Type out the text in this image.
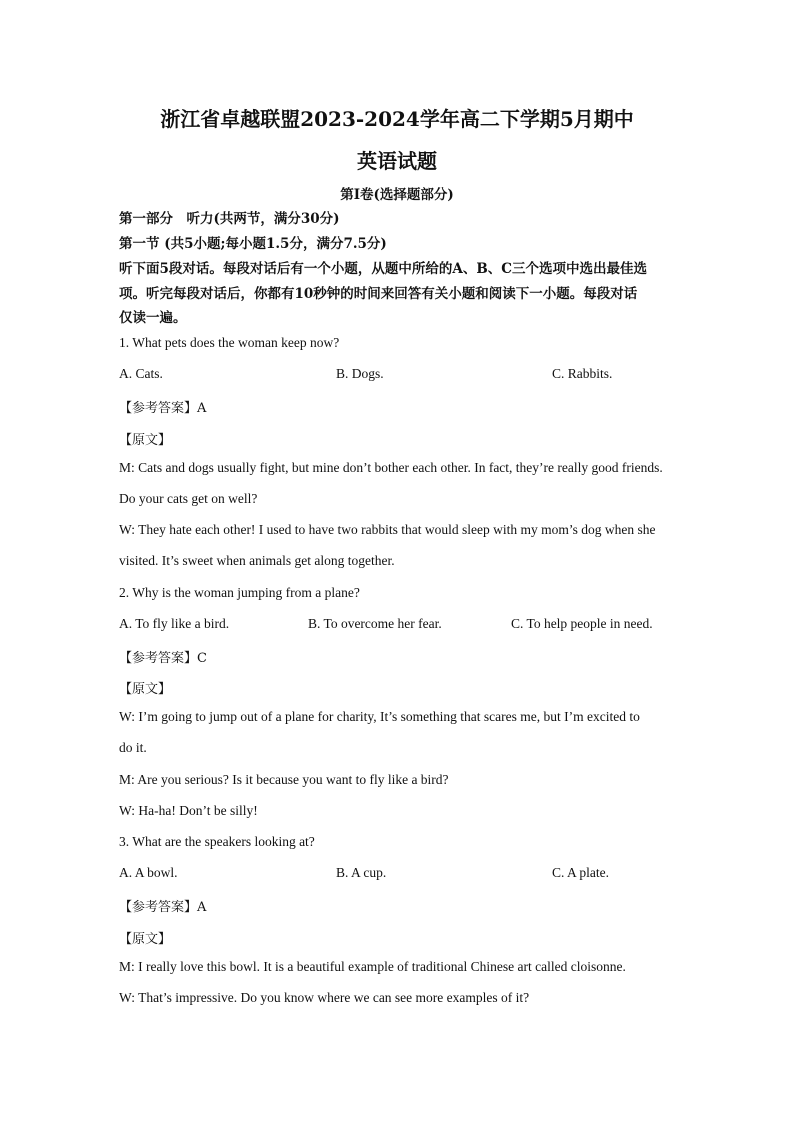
浙江省卓越联盟2023-2024学年高二下学期5月期中
英语试题
第Ⅰ卷(选择题部分)
第一部分　听力(共两节，满分30分)
第一节 (共5小题;每小题1.5分，满分7.5分)
听下面5段对话。每段对话后有一个小题，从题中所给的A、B、C三个选项中选出最佳选
项。听完每段对话后，你都有10秒钟的时间来回答有关小题和阅读下一小题。每段对话
仅读一遍。
1. What pets does the woman keep now?
A. Cats.	B. Dogs.	C. Rabbits.
【参考答案】A
【原文】
M: Cats and dogs usually fight, but mine don’t bother each other. In fact, they’re really good friends.
Do your cats get on well?
W: They hate each other! I used to have two rabbits that would sleep with my mom’s dog when she
visited. It’s sweet when animals get along together.
2. Why is the woman jumping from a plane?
A. To fly like a bird.	B. To overcome her fear.	C. To help people in need.
【参考答案】C
【原文】
W: I’m going to jump out of a plane for charity, It’s something that scares me, but I’m excited to
do it.
M: Are you serious? Is it because you want to fly like a bird?
W: Ha-ha! Don’t be silly!
3. What are the speakers looking at?
A. A bowl.	B. A cup.	C. A plate.
【参考答案】A
【原文】
M: I really love this bowl. It is a beautiful example of traditional Chinese art called cloisonne.
W: That’s impressive. Do you know where we can see more examples of it?
